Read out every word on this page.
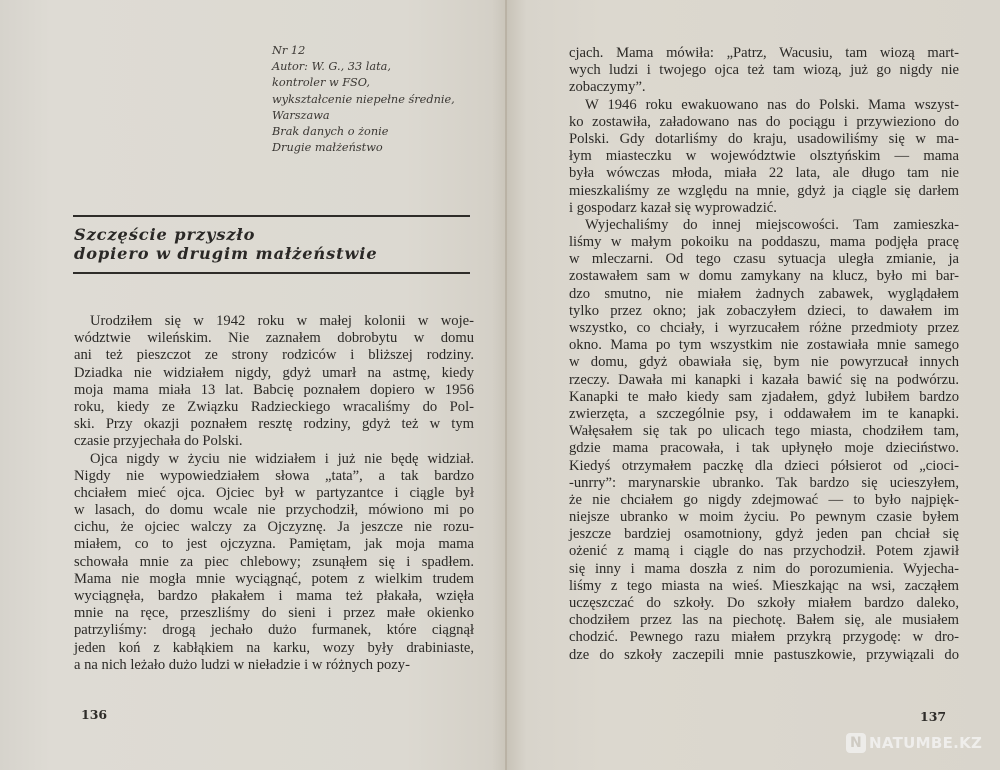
Nr 12
Autor: W. G., 33 lata,
kontroler w FSO,
wykształcenie niepełne średnie,
Warszawa
Brak danych o żonie
Drugie małżeństwo
Szczęście przyszło
dopiero w drugim małżeństwie
Urodziłem się w 1942 roku w małej kolonii w woje-
wództwie wileńskim. Nie zaznałem dobrobytu w domu
ani też pieszczot ze strony rodziców i bliższej rodziny.
Dziadka nie widziałem nigdy, gdyż umarł na astmę, kiedy
moja mama miała 13 lat. Babcię poznałem dopiero w 1956
roku, kiedy ze Związku Radzieckiego wracaliśmy do Pol-
ski. Przy okazji poznałem resztę rodziny, gdyż też w tym
czasie przyjechała do Polski.
Ojca nigdy w życiu nie widziałem i już nie będę widział.
Nigdy nie wypowiedziałem słowa „tata”, a tak bardzo
chciałem mieć ojca. Ojciec był w partyzantce i ciągle był
w lasach, do domu wcale nie przychodził, mówiono mi po
cichu, że ojciec walczy za Ojczyznę. Ja jeszcze nie rozu-
miałem, co to jest ojczyzna. Pamiętam, jak moja mama
schowała mnie za piec chlebowy; zsunąłem się i spadłem.
Mama nie mogła mnie wyciągnąć, potem z wielkim trudem
wyciągnęła, bardzo płakałem i mama też płakała, wzięła
mnie na ręce, przeszliśmy do sieni i przez małe okienko
patrzyliśmy: drogą jechało dużo furmanek, które ciągnął
jeden koń z kabłąkiem na karku, wozy były drabiniaste,
a na nich leżało dużo ludzi w nieładzie i w różnych pozy-
136
cjach. Mama mówiła: „Patrz, Wacusiu, tam wiozą mart-
wych ludzi i twojego ojca też tam wiozą, już go nigdy nie
zobaczymy”.
W 1946 roku ewakuowano nas do Polski. Mama wszyst-
ko zostawiła, załadowano nas do pociągu i przywieziono do
Polski. Gdy dotarliśmy do kraju, usadowiliśmy się w ma-
łym miasteczku w województwie olsztyńskim — mama
była wówczas młoda, miała 22 lata, ale długo tam nie
mieszkaliśmy ze względu na mnie, gdyż ja ciągle się darłem
i gospodarz kazał się wyprowadzić.
Wyjechaliśmy do innej miejscowości. Tam zamieszka-
liśmy w małym pokoiku na poddaszu, mama podjęła pracę
w mleczarni. Od tego czasu sytuacja uległa zmianie, ja
zostawałem sam w domu zamykany na klucz, było mi bar-
dzo smutno, nie miałem żadnych zabawek, wyglądałem
tylko przez okno; jak zobaczyłem dzieci, to dawałem im
wszystko, co chciały, i wyrzucałem różne przedmioty przez
okno. Mama po tym wszystkim nie zostawiała mnie samego
w domu, gdyż obawiała się, bym nie powyrzucał innych
rzeczy. Dawała mi kanapki i kazała bawić się na podwórzu.
Kanapki te mało kiedy sam zjadałem, gdyż lubiłem bardzo
zwierzęta, a szczególnie psy, i oddawałem im te kanapki.
Wałęsałem się tak po ulicach tego miasta, chodziłem tam,
gdzie mama pracowała, i tak upłynęło moje dzieciństwo.
Kiedyś otrzymałem paczkę dla dzieci półsierot od „cioci-
-unrry”: marynarskie ubranko. Tak bardzo się ucieszyłem,
że nie chciałem go nigdy zdejmować — to było najpięk-
niejsze ubranko w moim życiu. Po pewnym czasie byłem
jeszcze bardziej osamotniony, gdyż jeden pan chciał się
ożenić z mamą i ciągle do nas przychodził. Potem zjawił
się inny i mama doszła z nim do porozumienia. Wyjecha-
liśmy z tego miasta na wieś. Mieszkając na wsi, zacząłem
uczęszczać do szkoły. Do szkoły miałem bardzo daleko,
chodziłem przez las na piechotę. Bałem się, ale musiałem
chodzić. Pewnego razu miałem przykrą przygodę: w dro-
dze do szkoły zaczepili mnie pastuszkowie, przywiązali do
137
N NATUMBE.KZ
